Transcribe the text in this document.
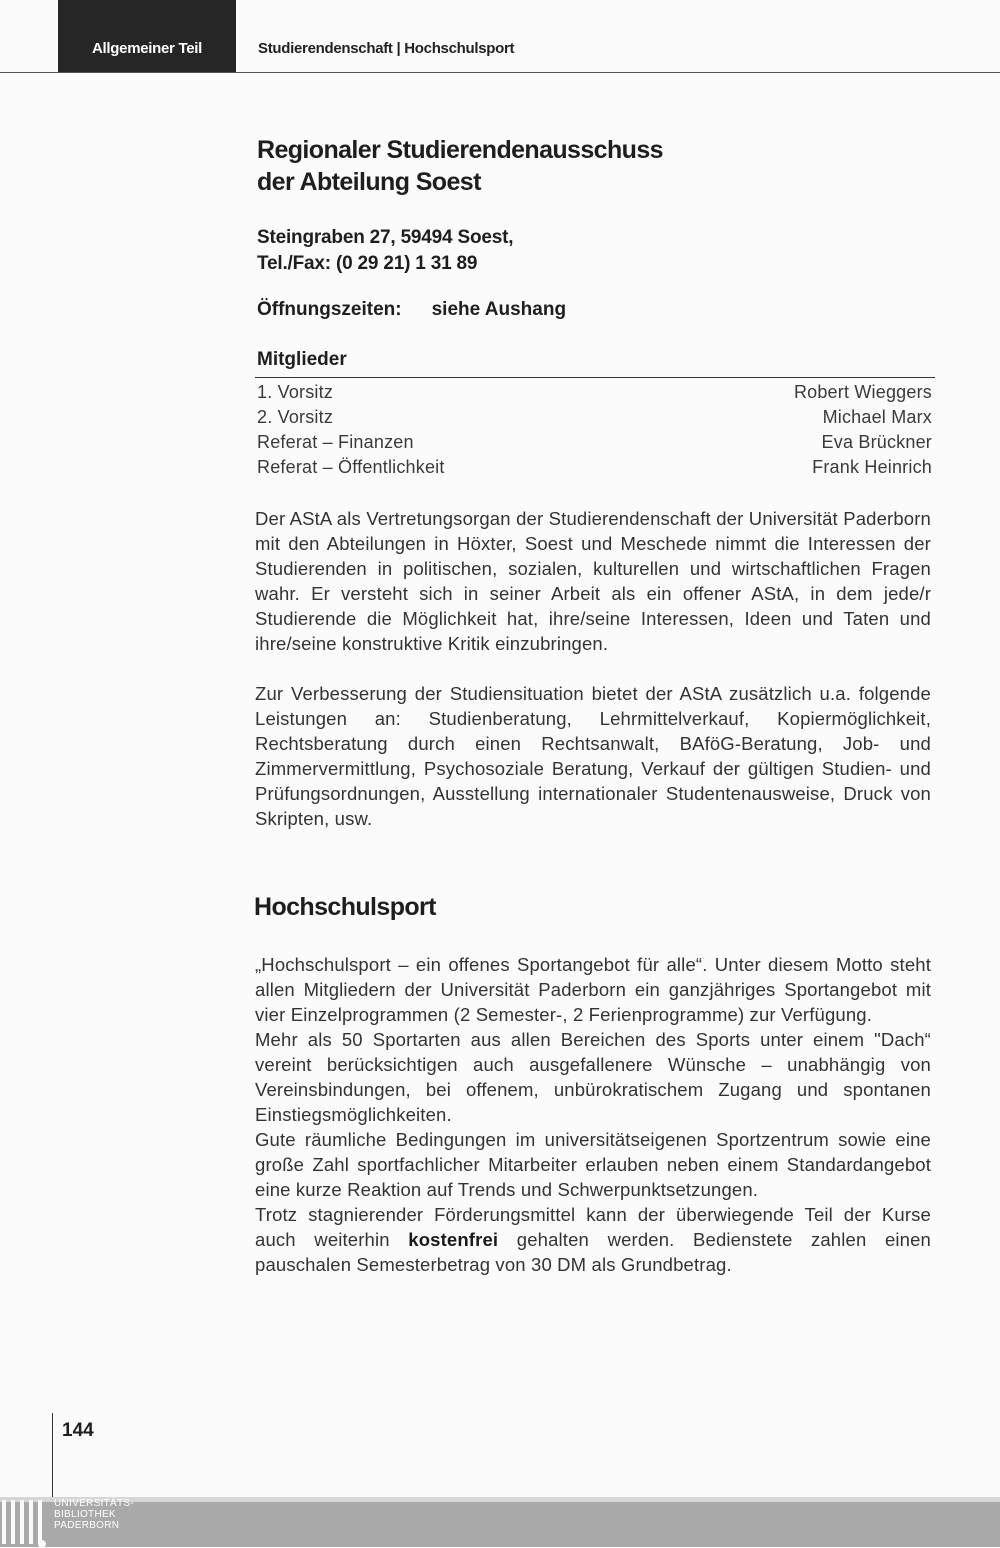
Allgemeiner Teil	Studierendenschaft | Hochschulsport
Regionaler Studierendenausschuss
der Abteilung Soest
Steingraben 27, 59494 Soest,
Tel./Fax: (0 29 21) 1 31 89
Öffnungszeiten: siehe Aushang
Mitglieder
1. Vorsitz	Robert Wieggers
2. Vorsitz	Michael Marx
Referat – Finanzen	Eva Brückner
Referat – Öffentlichkeit	Frank Heinrich
Der AStA als Vertretungsorgan der Studierendenschaft der Universität Paderborn mit den Abteilungen in Höxter, Soest und Meschede nimmt die Interessen der Studierenden in politischen, sozialen, kulturellen und wirtschaftlichen Fragen wahr. Er versteht sich in seiner Arbeit als ein offener AStA, in dem jede/r Studierende die Möglichkeit hat, ihre/seine Interessen, Ideen und Taten und ihre/seine konstruktive Kritik einzubringen.
Zur Verbesserung der Studiensituation bietet der AStA zusätzlich u.a. folgende Leistungen an: Studienberatung, Lehrmittelverkauf, Kopiermöglichkeit, Rechtsberatung durch einen Rechtsanwalt, BAföG-Beratung, Job- und Zimmervermittlung, Psychosoziale Beratung, Verkauf der gültigen Studien- und Prüfungsordnungen, Ausstellung internationaler Studentenausweise, Druck von Skripten, usw.
Hochschulsport

„Hochschulsport – ein offenes Sportangebot für alle“. Unter diesem Motto steht allen Mitgliedern der Universität Paderborn ein ganzjähriges Sportangebot mit vier Einzelprogrammen (2 Semester-, 2 Ferienprogramme) zur Verfügung.

Mehr als 50 Sportarten aus allen Bereichen des Sports unter einem "Dach“ vereint berücksichtigen auch ausgefallenere Wünsche – unabhängig von Vereinsbindungen, bei offenem, unbürokratischem Zugang und spontanen Einstiegsmöglichkeiten.

Gute räumliche Bedingungen im universitätseigenen Sportzentrum sowie eine große Zahl sportfachlicher Mitarbeiter erlauben neben einem Standardangebot eine kurze Reaktion auf Trends und Schwerpunktsetzungen.

Trotz stagnierender Förderungsmittel kann der überwiegende Teil der Kurse auch weiterhin kostenfrei gehalten werden. Bedienstete zahlen einen pauschalen Semesterbetrag von 30 DM als Grundbetrag.

144
UNIVERSITÄTS-
BIBLIOTHEK
PADERBORN
